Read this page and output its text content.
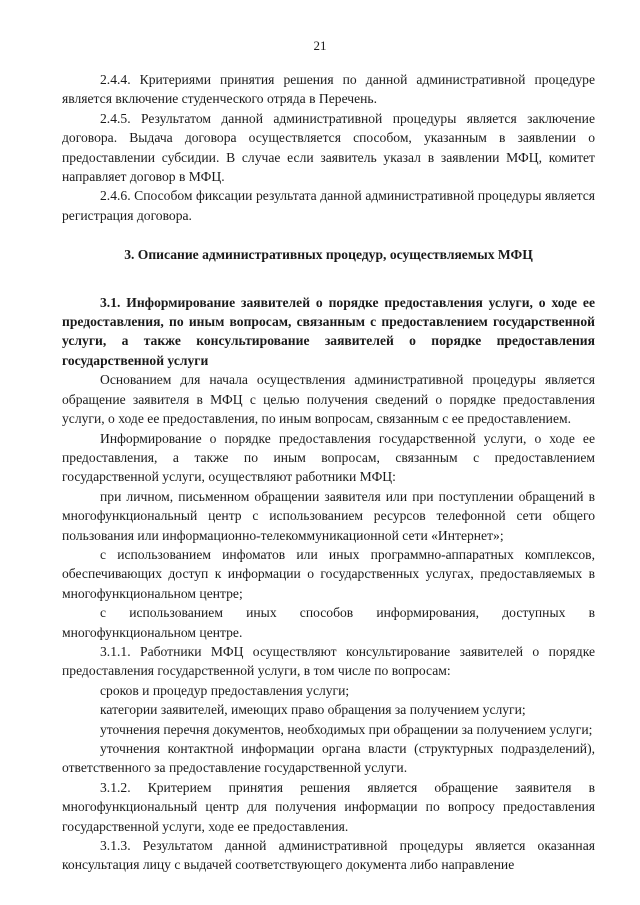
21

2.4.4. Критериями принятия решения по данной административной процедуре является включение студенческого отряда в Перечень.

2.4.5. Результатом данной административной процедуры является заключение договора. Выдача договора осуществляется способом, указанным в заявлении о предоставлении субсидии. В случае если заявитель указал в заявлении МФЦ, комитет направляет договор в МФЦ.

2.4.6. Способом фиксации результата данной административной процедуры является регистрация договора.

3. Описание административных процедур, осуществляемых МФЦ

3.1. Информирование заявителей о порядке предоставления услуги, о ходе ее предоставления, по иным вопросам, связанным с предоставлением государственной услуги, а также консультирование заявителей о порядке предоставления государственной услуги

Основанием для начала осуществления административной процедуры является обращение заявителя в МФЦ с целью получения сведений о порядке предоставления услуги, о ходе ее предоставления, по иным вопросам, связанным с ее предоставлением.

Информирование о порядке предоставления государственной услуги, о ходе ее предоставления, а также по иным вопросам, связанным с предоставлением государственной услуги, осуществляют работники МФЦ:

при личном, письменном обращении заявителя или при поступлении обращений в многофункциональный центр с использованием ресурсов телефонной сети общего пользования или информационно-телекоммуникационной сети «Интернет»;

с использованием инфоматов или иных программно-аппаратных комплексов, обеспечивающих доступ к информации о государственных услугах, предоставляемых в многофункциональном центре;

с использованием иных способов информирования, доступных в многофункциональном центре.

3.1.1. Работники МФЦ осуществляют консультирование заявителей о порядке предоставления государственной услуги, в том числе по вопросам:

сроков и процедур предоставления услуги;

категории заявителей, имеющих право обращения за получением услуги;

уточнения перечня документов, необходимых при обращении за получением услуги;

уточнения контактной информации органа власти (структурных подразделений), ответственного за предоставление государственной услуги.

3.1.2. Критерием принятия решения является обращение заявителя в многофункциональный центр для получения информации по вопросу предоставления государственной услуги, ходе ее предоставления.

3.1.3. Результатом данной административной процедуры является оказанная консультация лицу с выдачей соответствующего документа либо направление
